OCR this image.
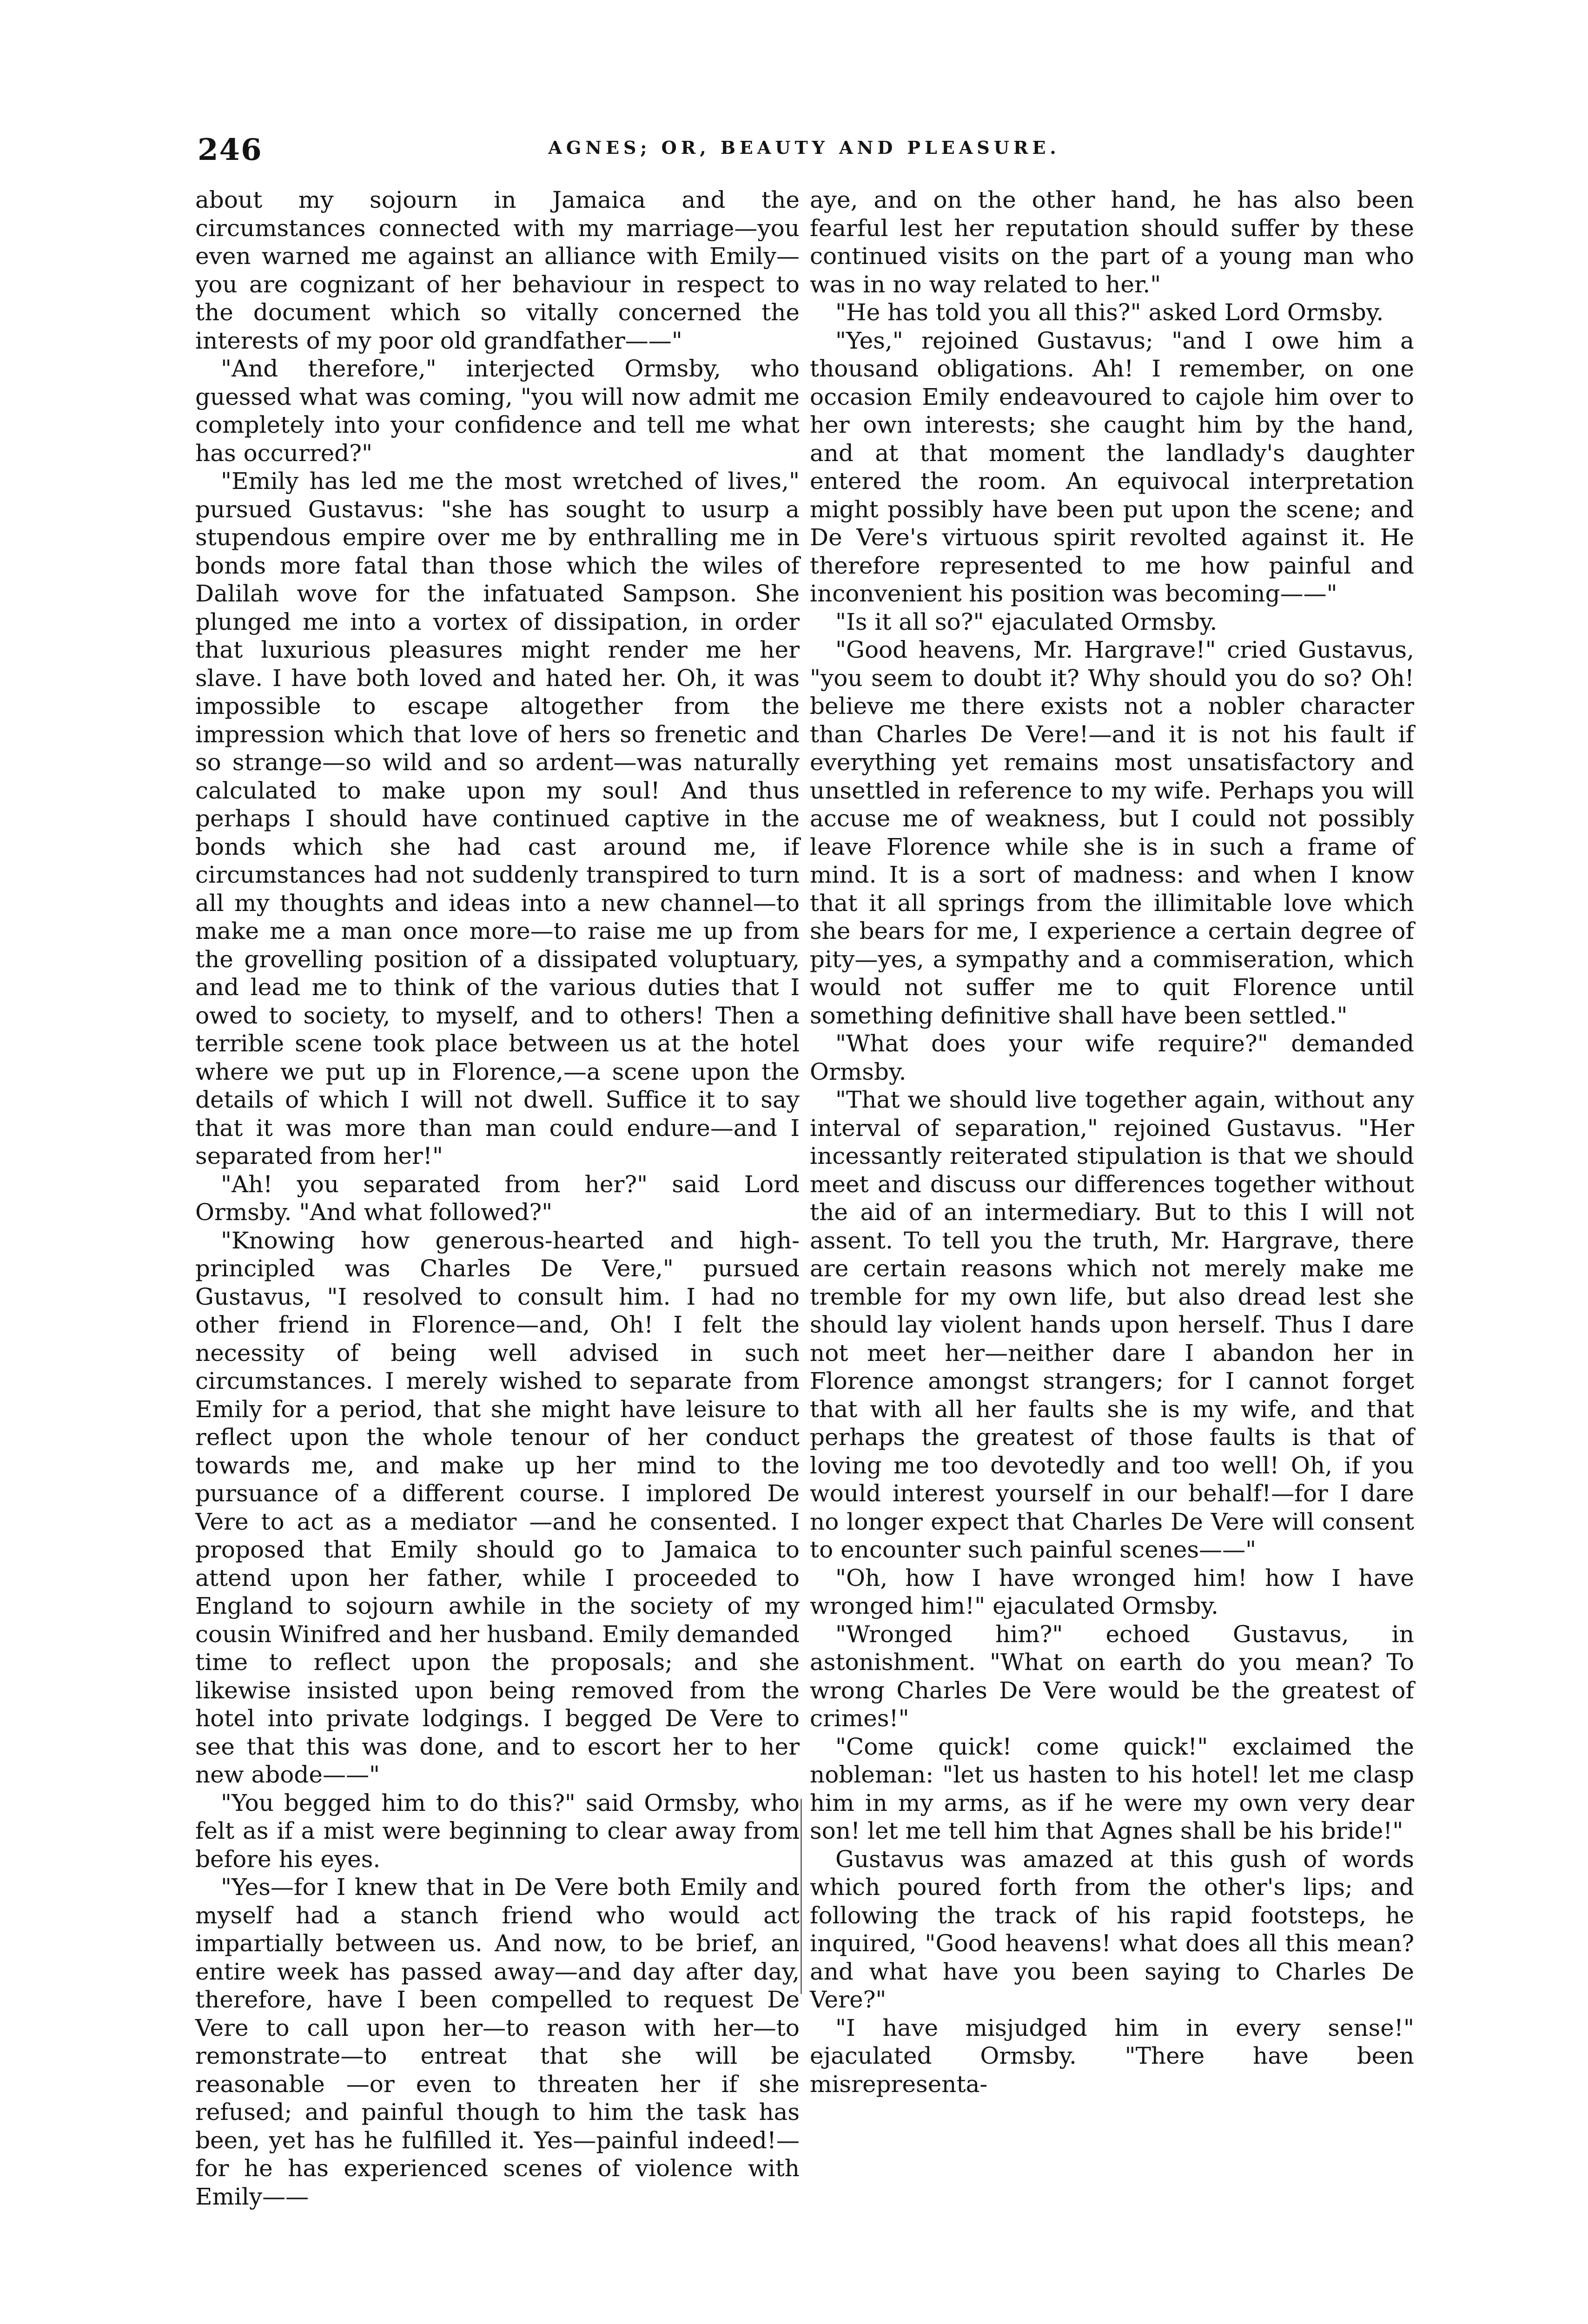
246	AGNES; OR, BEAUTY AND PLEASURE.

about my sojourn in Jamaica and the circumstances connected with my marriage—you even warned me against an alliance with Emily—you are cognizant of her behaviour in respect to the document which so vitally concerned the interests of my poor old grandfather——"

"And therefore," interjected Ormsby, who guessed what was coming, "you will now admit me completely into your confidence and tell me what has occurred?"

"Emily has led me the most wretched of lives," pursued Gustavus: "she has sought to usurp a stupendous empire over me by enthralling me in bonds more fatal than those which the wiles of Dalilah wove for the infatuated Sampson. She plunged me into a vortex of dissipation, in order that luxurious pleasures might render me her slave. I have both loved and hated her. Oh, it was impossible to escape altogether from the impression which that love of hers so frenetic and so strange—so wild and so ardent—was naturally calculated to make upon my soul! And thus perhaps I should have continued captive in the bonds which she had cast around me, if circumstances had not suddenly transpired to turn all my thoughts and ideas into a new channel—to make me a man once more—to raise me up from the grovelling position of a dissipated voluptuary, and lead me to think of the various duties that I owed to society, to myself, and to others! Then a terrible scene took place between us at the hotel where we put up in Florence,—a scene upon the details of which I will not dwell. Suffice it to say that it was more than man could endure—and I separated from her!"

"Ah! you separated from her?" said Lord Ormsby. "And what followed?"

"Knowing how generous-hearted and high-principled was Charles De Vere," pursued Gustavus, "I resolved to consult him. I had no other friend in Florence—and, Oh! I felt the necessity of being well advised in such circumstances. I merely wished to separate from Emily for a period, that she might have leisure to reflect upon the whole tenour of her conduct towards me, and make up her mind to the pursuance of a different course. I implored De Vere to act as a mediator —and he consented. I proposed that Emily should go to Jamaica to attend upon her father, while I proceeded to England to sojourn awhile in the society of my cousin Winifred and her husband. Emily demanded time to reflect upon the proposals; and she likewise insisted upon being removed from the hotel into private lodgings. I begged De Vere to see that this was done, and to escort her to her new abode——"

"You begged him to do this?" said Ormsby, who felt as if a mist were beginning to clear away from before his eyes.

"Yes—for I knew that in De Vere both Emily and myself had a stanch friend who would act impartially between us. And now, to be brief, an entire week has passed away—and day after day, therefore, have I been compelled to request De Vere to call upon her—to reason with her—to remonstrate—to entreat that she will be reasonable —or even to threaten her if she refused; and painful though to him the task has been, yet has he fulfilled it. Yes—painful indeed!—for he has experienced scenes of violence with Emily——

aye, and on the other hand, he has also been fearful lest her reputation should suffer by these continued visits on the part of a young man who was in no way related to her."

"He has told you all this?" asked Lord Ormsby.

"Yes," rejoined Gustavus; "and I owe him a thousand obligations. Ah! I remember, on one occasion Emily endeavoured to cajole him over to her own interests; she caught him by the hand, and at that moment the landlady's daughter entered the room. An equivocal interpretation might possibly have been put upon the scene; and De Vere's virtuous spirit revolted against it. He therefore represented to me how painful and inconvenient his position was becoming——"

"Is it all so?" ejaculated Ormsby.

"Good heavens, Mr. Hargrave!" cried Gustavus, "you seem to doubt it? Why should you do so? Oh! believe me there exists not a nobler character than Charles De Vere!—and it is not his fault if everything yet remains most unsatisfactory and unsettled in reference to my wife. Perhaps you will accuse me of weakness, but I could not possibly leave Florence while she is in such a frame of mind. It is a sort of madness: and when I know that it all springs from the illimitable love which she bears for me, I experience a certain degree of pity—yes, a sympathy and a commiseration, which would not suffer me to quit Florence until something definitive shall have been settled."

"What does your wife require?" demanded Ormsby.

"That we should live together again, without any interval of separation," rejoined Gustavus. "Her incessantly reiterated stipulation is that we should meet and discuss our differences together without the aid of an intermediary. But to this I will not assent. To tell you the truth, Mr. Hargrave, there are certain reasons which not merely make me tremble for my own life, but also dread lest she should lay violent hands upon herself. Thus I dare not meet her—neither dare I abandon her in Florence amongst strangers; for I cannot forget that with all her faults she is my wife, and that perhaps the greatest of those faults is that of loving me too devotedly and too well! Oh, if you would interest yourself in our behalf!—for I dare no longer expect that Charles De Vere will consent to encounter such painful scenes——"

"Oh, how I have wronged him! how I have wronged him!" ejaculated Ormsby.

"Wronged him?" echoed Gustavus, in astonishment. "What on earth do you mean? To wrong Charles De Vere would be the greatest of crimes!"

"Come quick! come quick!" exclaimed the nobleman: "let us hasten to his hotel! let me clasp him in my arms, as if he were my own very dear son! let me tell him that Agnes shall be his bride!"

Gustavus was amazed at this gush of words which poured forth from the other's lips; and following the track of his rapid footsteps, he inquired, "Good heavens! what does all this mean? and what have you been saying to Charles De Vere?"

"I have misjudged him in every sense!" ejaculated Ormsby. "There have been misrepresenta-
